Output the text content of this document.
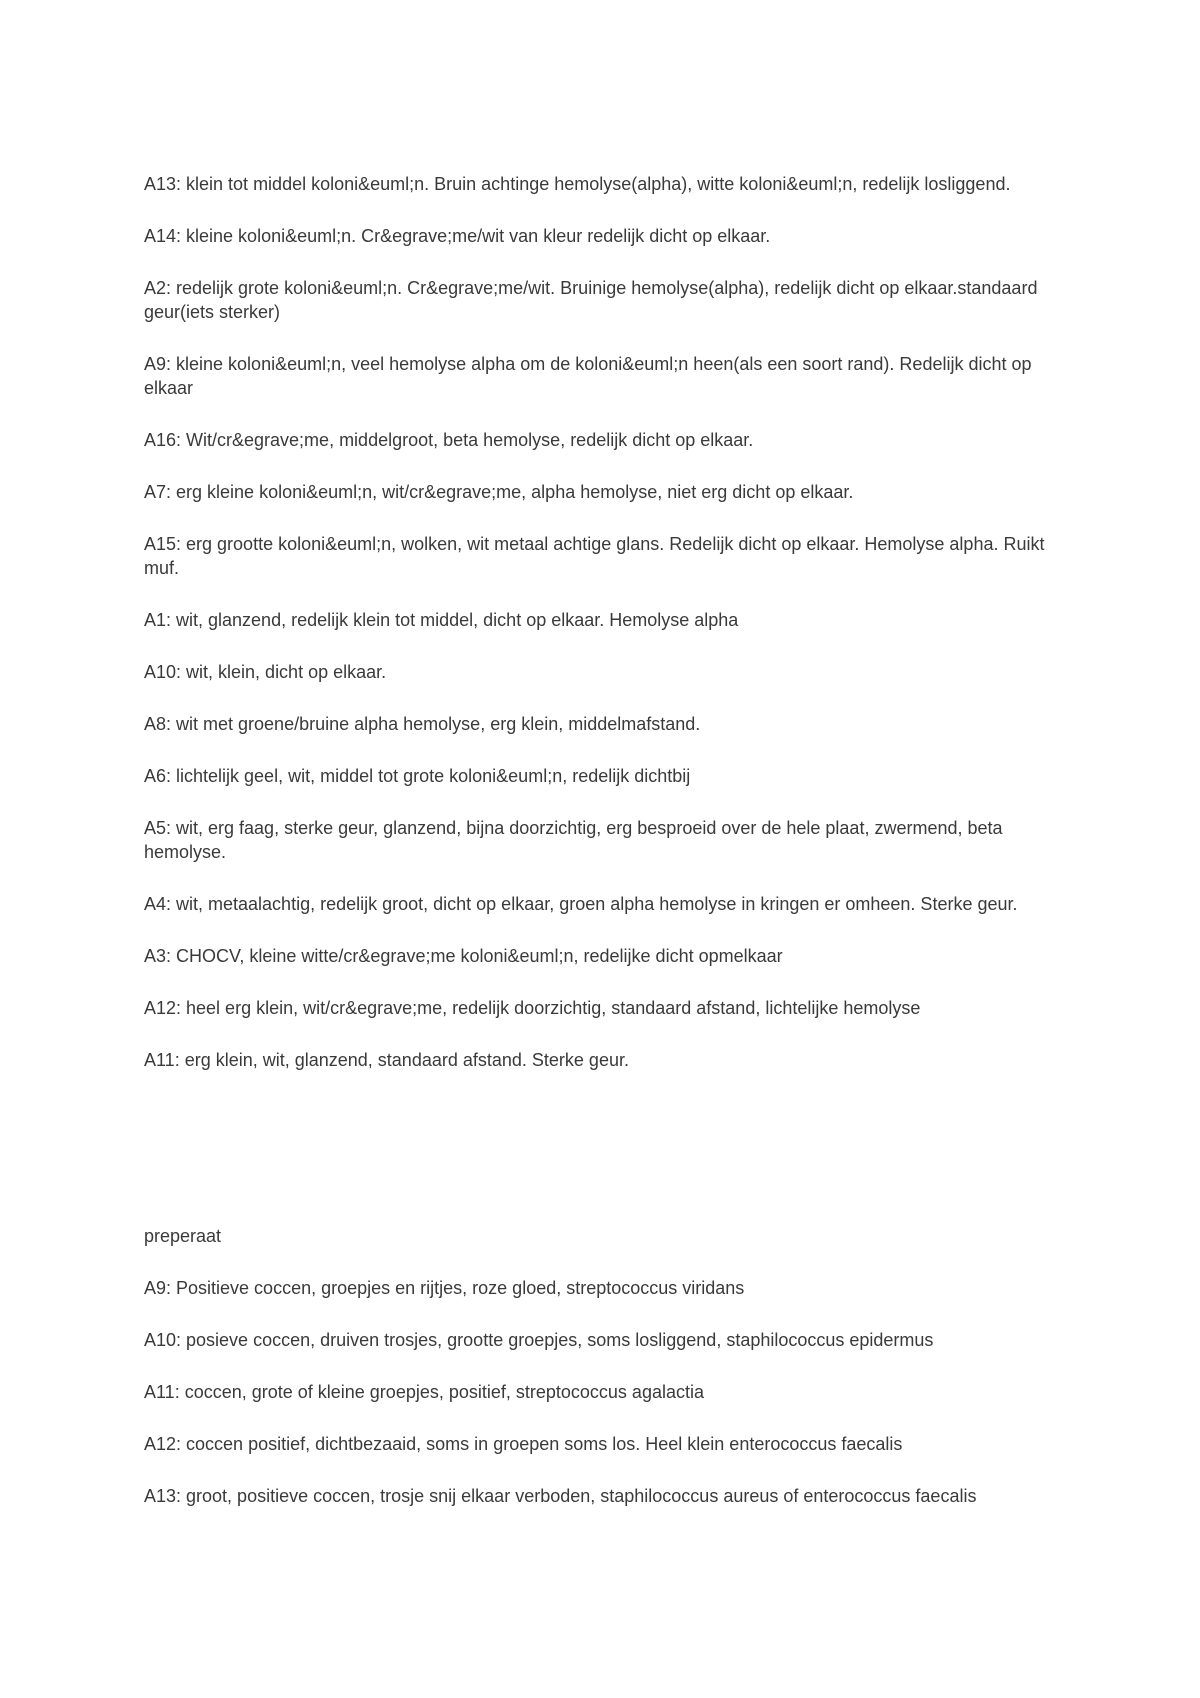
A13: klein tot middel koloni&euml;n. Bruin achtinge hemolyse(alpha), witte koloni&euml;n, redelijk losliggend.

A14: kleine koloni&euml;n. Cr&egrave;me/wit van kleur redelijk dicht op elkaar.

A2: redelijk grote koloni&euml;n. Cr&egrave;me/wit. Bruinige hemolyse(alpha), redelijk dicht op elkaar.standaard geur(iets sterker)

A9: kleine koloni&euml;n, veel hemolyse alpha om de koloni&euml;n heen(als een soort rand). Redelijk dicht op elkaar

A16: Wit/cr&egrave;me, middelgroot, beta hemolyse, redelijk dicht op elkaar.

A7: erg kleine koloni&euml;n, wit/cr&egrave;me, alpha hemolyse, niet erg dicht op elkaar.

A15: erg grootte koloni&euml;n, wolken, wit metaal achtige glans. Redelijk dicht op elkaar. Hemolyse alpha. Ruikt muf.

A1: wit, glanzend, redelijk klein tot middel, dicht op elkaar. Hemolyse alpha

A10: wit, klein, dicht op elkaar.

A8: wit met groene/bruine alpha hemolyse, erg klein, middelmafstand.

A6: lichtelijk geel, wit, middel tot grote koloni&euml;n, redelijk dichtbij

A5: wit, erg faag, sterke geur, glanzend, bijna doorzichtig, erg besproeid over de hele plaat, zwermend, beta hemolyse.

A4: wit, metaalachtig, redelijk groot, dicht op elkaar, groen alpha hemolyse in kringen er omheen. Sterke geur.

A3: CHOCV, kleine witte/cr&egrave;me koloni&euml;n, redelijke dicht opmelkaar

A12: heel erg klein, wit/cr&egrave;me, redelijk doorzichtig, standaard afstand, lichtelijke hemolyse

A11: erg klein, wit, glanzend, standaard afstand. Sterke geur.

preperaat

A9: Positieve coccen, groepjes en rijtjes, roze gloed, streptococcus viridans

A10: posieve coccen, druiven trosjes, grootte groepjes, soms losliggend, staphilococcus epidermus

A11: coccen, grote of kleine groepjes, positief, streptococcus agalactia

A12: coccen positief, dichtbezaaid, soms in groepen soms los. Heel klein enterococcus faecalis

A13: groot, positieve coccen, trosje snij elkaar verboden, staphilococcus aureus of enterococcus faecalis
